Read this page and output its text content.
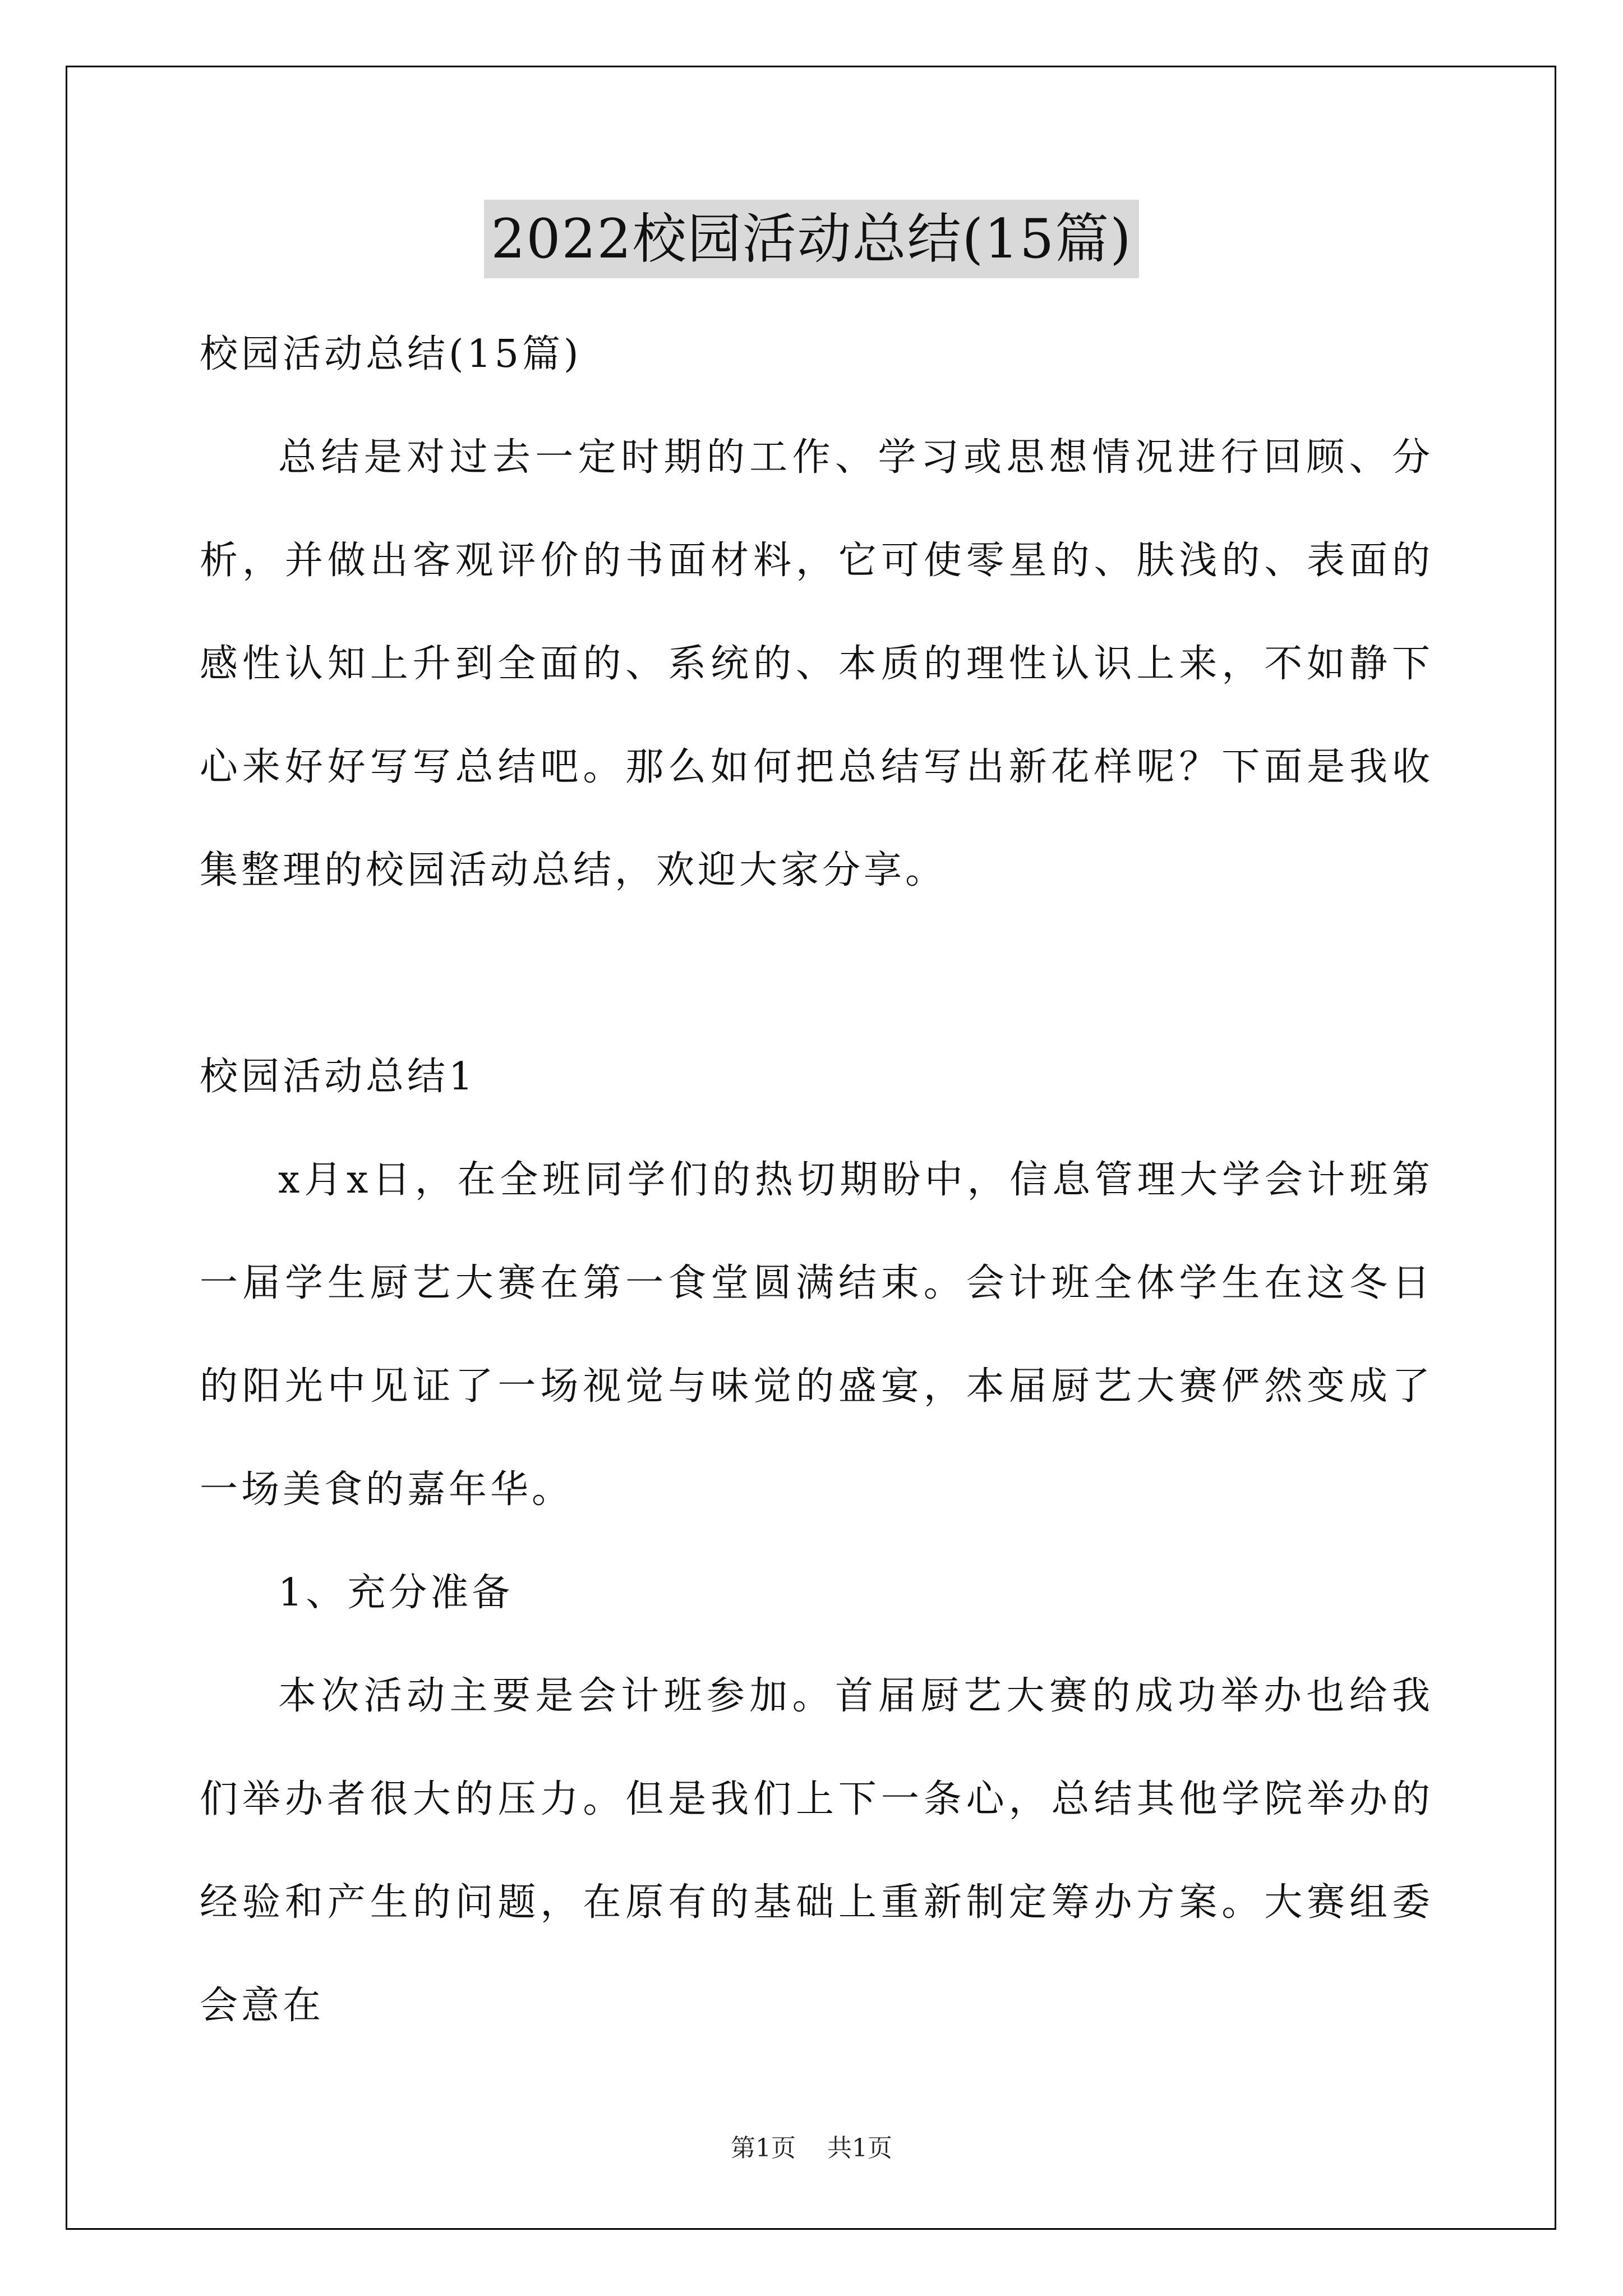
2022校园活动总结(15篇)

校园活动总结(15篇)

总结是对过去一定时期的工作、学习或思想情况进行回顾、分析，并做出客观评价的书面材料，它可使零星的、肤浅的、表面的感性认知上升到全面的、系统的、本质的理性认识上来，不如静下心来好好写写总结吧。那么如何把总结写出新花样呢？下面是我收集整理的校园活动总结，欢迎大家分享。

校园活动总结1

x月x日，在全班同学们的热切期盼中，信息管理大学会计班第一届学生厨艺大赛在第一食堂圆满结束。会计班全体学生在这冬日的阳光中见证了一场视觉与味觉的盛宴，本届厨艺大赛俨然变成了一场美食的嘉年华。

1、充分准备

本次活动主要是会计班参加。首届厨艺大赛的成功举办也给我们举办者很大的压力。但是我们上下一条心，总结其他学院举办的经验和产生的问题，在原有的基础上重新制定筹办方案。大赛组委会意在

第1页 共1页
